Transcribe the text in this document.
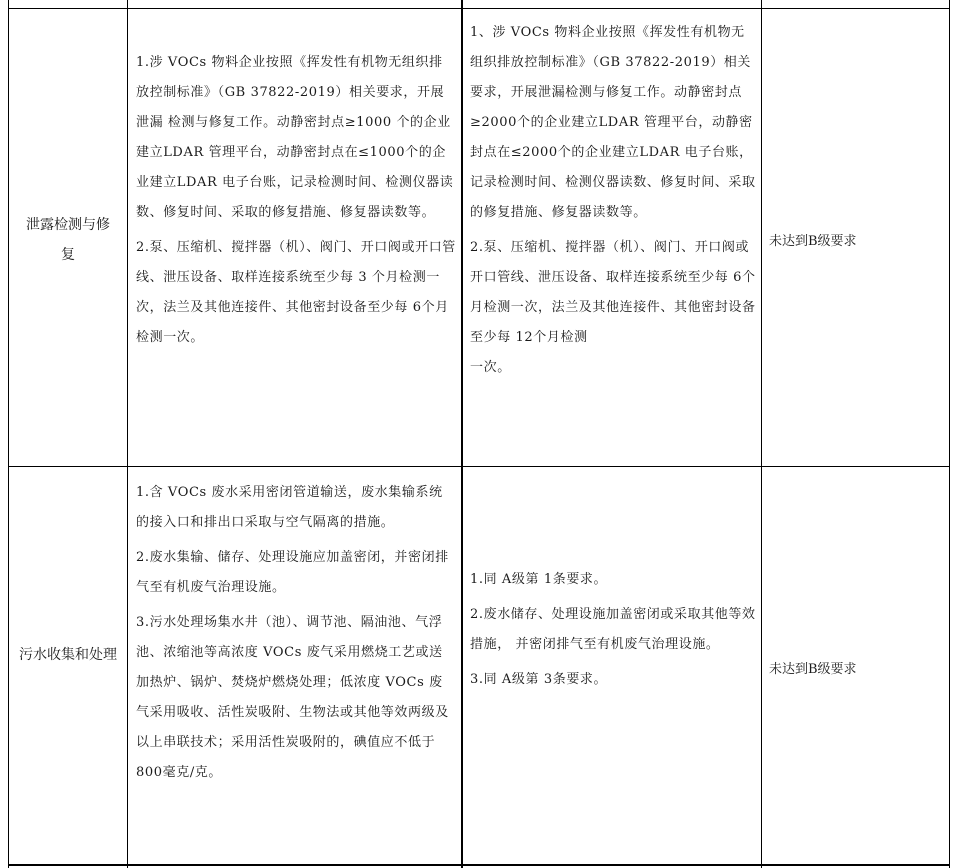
泄露检测与修复

1.涉 VOCs 物料企业按照《挥发性有机物无组织排放控制标准》（GB 37822-2019）相关要求，开展泄漏 检测与修复工作。动静密封点≥1000 个的企业建立LDAR 管理平台，动静密封点在≤1000个的企业建立LDAR 电子台账，记录检测时间、检测仪器读数、修复时间、采取的修复措施、修复器读数等。

2.泵、压缩机、搅拌器（机）、阀门、开口阀或开口管线、泄压设备、取样连接系统至少每 3 个月检测一次，法兰及其他连接件、其他密封设备至少每 6个月检测一次。

1、涉 VOCs 物料企业按照《挥发性有机物无组织排放控制标准》（GB 37822-2019）相关要求，开展泄漏检测与修复工作。动静密封点≥2000个的企业建立LDAR 管理平台，动静密封点在≤2000个的企业建立LDAR 电子台账，记录检测时间、检测仪器读数、修复时间、采取的修复措施、修复器读数等。

2.泵、压缩机、搅拌器（机）、阀门、开口阀或开口管线、泄压设备、取样连接系统至少每 6个月检测一次，法兰及其他连接件、其他密封设备至少每 12个月检测

一次。

未达到B级要求
污水收集和处理

1.含 VOCs 废水采用密闭管道输送，废水集输系统的接入口和排出口采取与空气隔离的措施。

2.废水集输、储存、处理设施应加盖密闭，并密闭排气至有机废气治理设施。

3.污水处理场集水井（池）、调节池、隔油池、气浮池、浓缩池等高浓度 VOCs 废气采用燃烧工艺或送加热炉、锅炉、焚烧炉燃烧处理；低浓度 VOCs 废气采用吸收、活性炭吸附、生物法或其他等效两级及以上串联技术；采用活性炭吸附的，碘值应不低于800毫克/克。

1.同 A级第 1条要求。

2.废水储存、处理设施加盖密闭或采取其他等效措施， 并密闭排气至有机废气治理设施。

3.同 A级第 3条要求。

未达到B级要求
